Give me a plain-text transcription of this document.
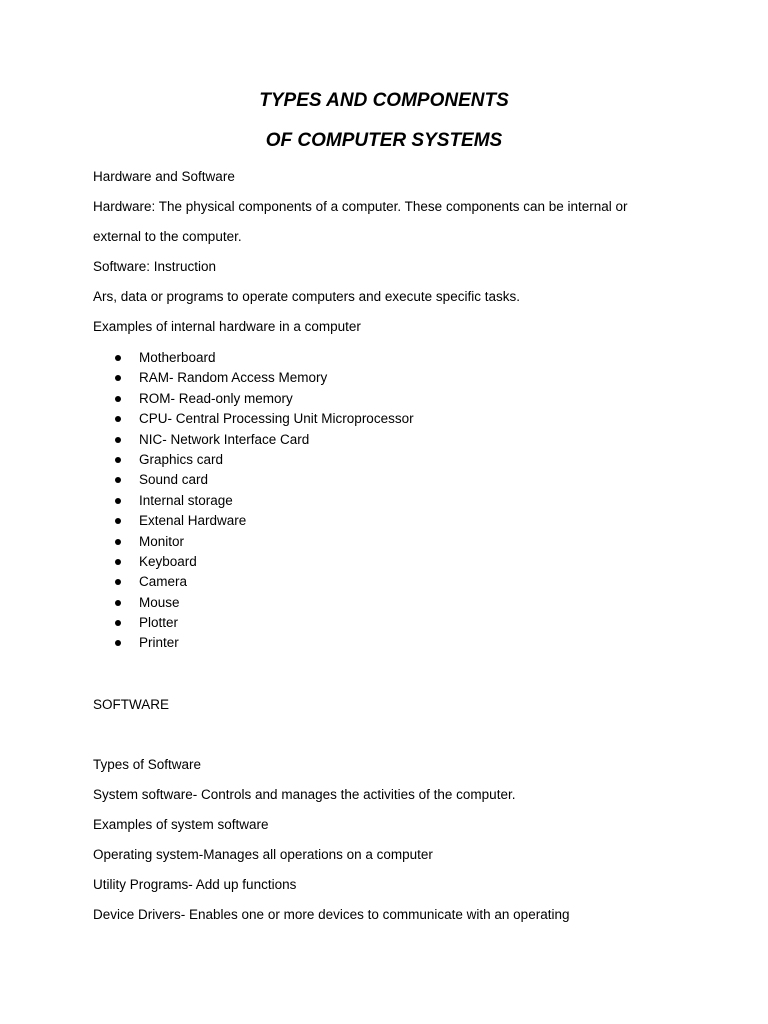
TYPES AND COMPONENTS
OF COMPUTER SYSTEMS

Hardware and Software

Hardware: The physical components of a computer. These components can be internal or

external to the computer.

Software: Instruction

Ars, data or programs to operate computers and execute specific tasks.

Examples of internal hardware in a computer

Motherboard
RAM- Random Access Memory
ROM- Read-only memory
CPU- Central Processing Unit Microprocessor
NIC- Network Interface Card
Graphics card
Sound card
Internal storage
Extenal Hardware
Monitor
Keyboard
Camera
Mouse
Plotter
Printer

SOFTWARE

Types of Software

System software- Controls and manages the activities of the computer.

Examples of system software

Operating system-Manages all operations on a computer

Utility Programs- Add up functions

Device Drivers- Enables one or more devices to communicate with an operating
